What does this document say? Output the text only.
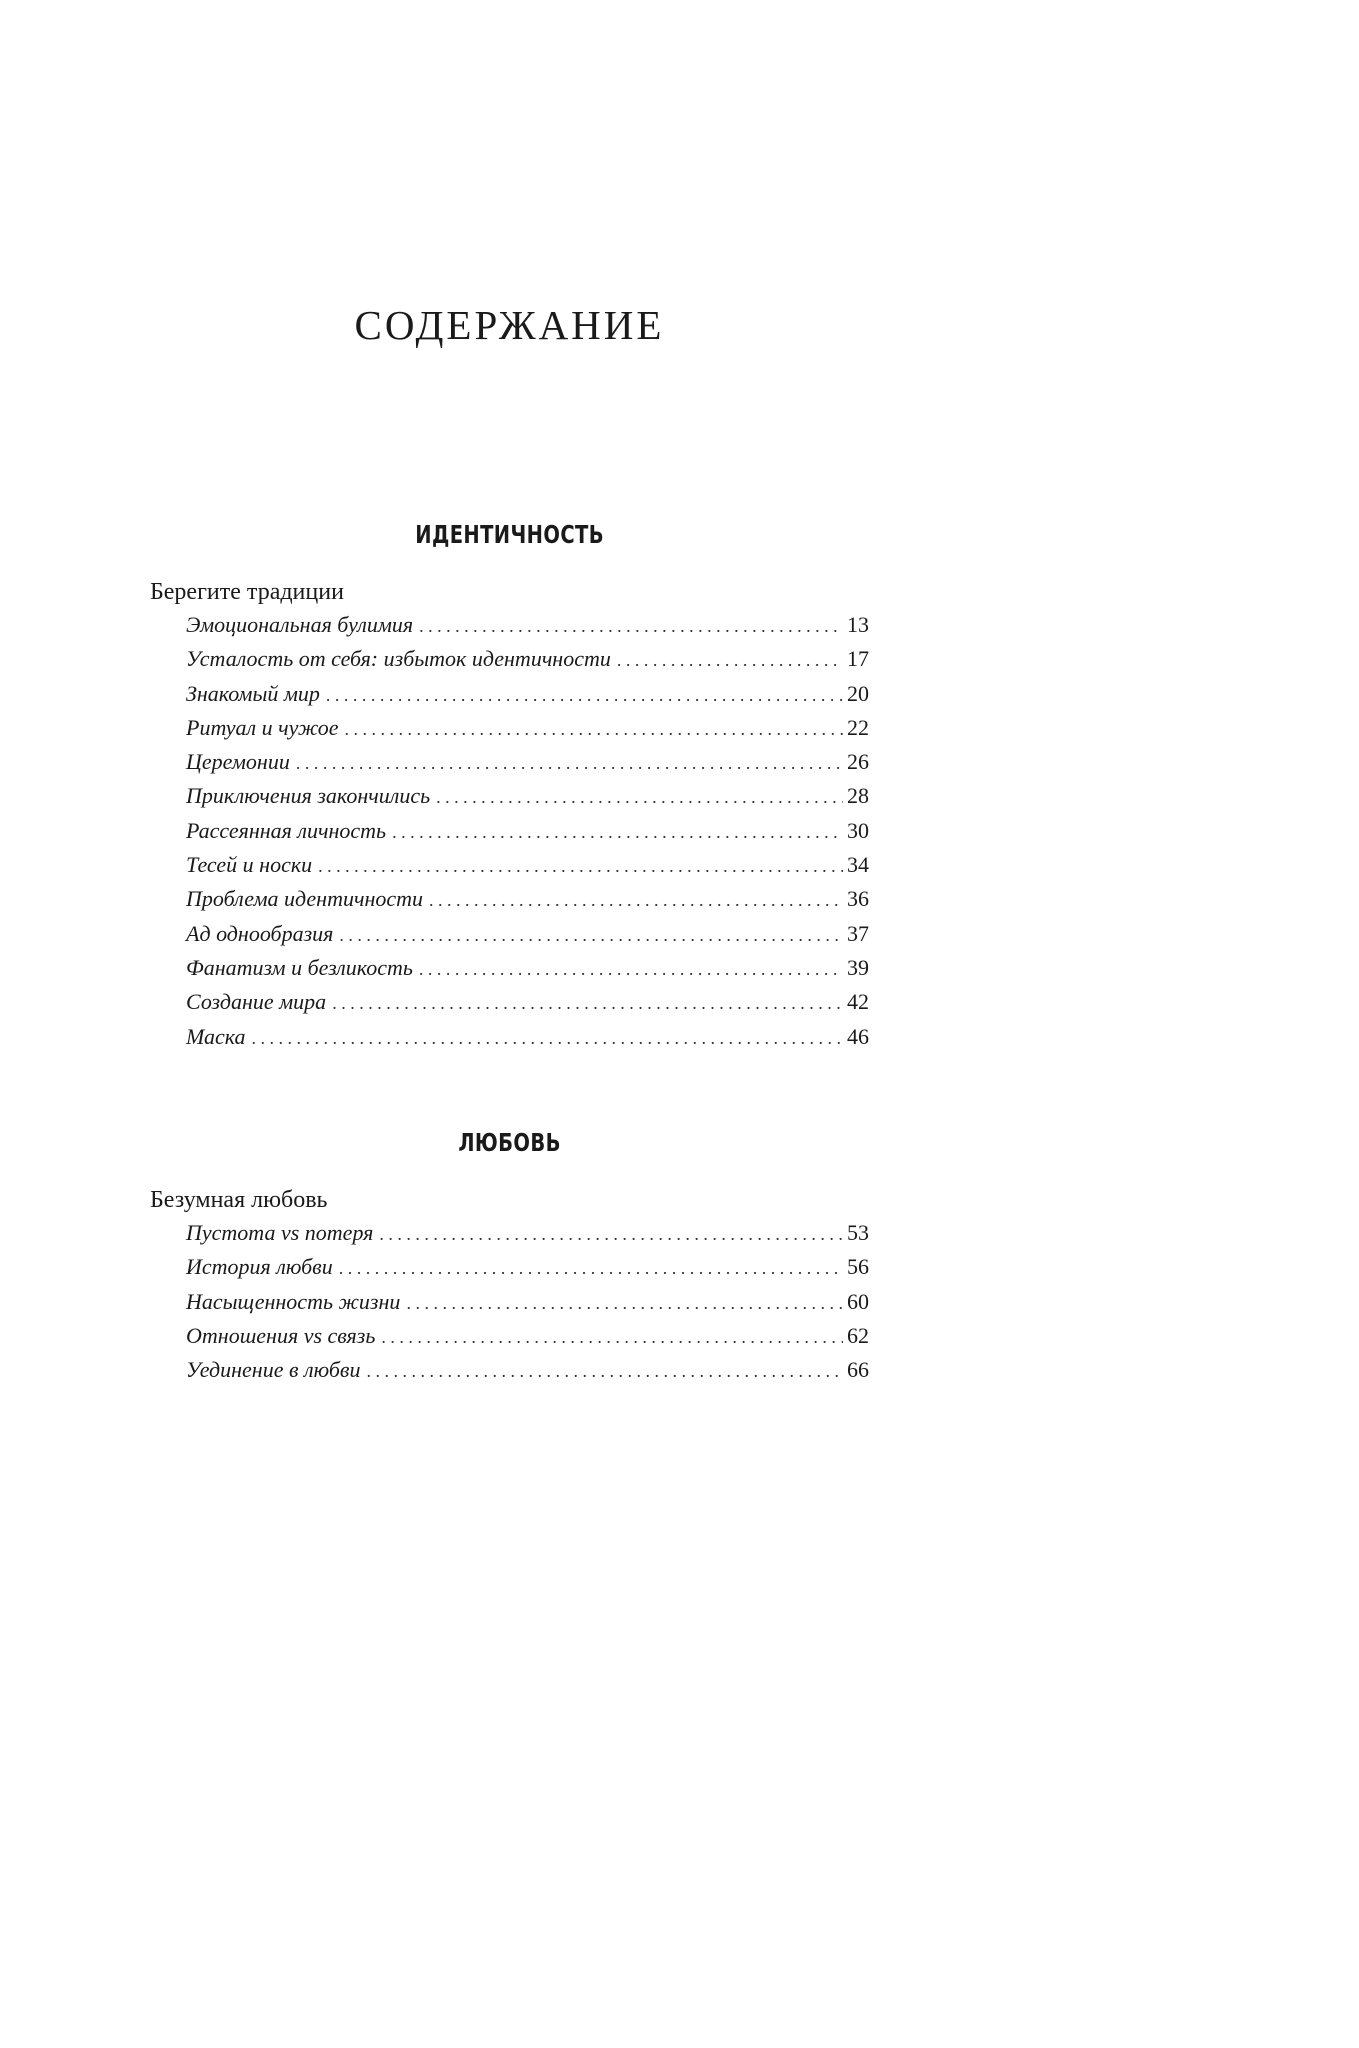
СОДЕРЖАНИЕ
ИДЕНТИЧНОСТЬ
Берегите традиции
Эмоциональная булимия . . .	13
Усталость от себя: избыток идентичности . . .	17
Знакомый мир . . .	20
Ритуал и чужое . . .	22
Церемонии . . .	26
Приключения закончились . . .	28
Рассеянная личность . . .	30
Тесей и носки . . .	34
Проблема идентичности . . .	36
Ад однообразия . . .	37
Фанатизм и безликость . . .	39
Создание мира . . .	42
Маска . . .	46
ЛЮБОВЬ
Безумная любовь
Пустота vs потеря . . .	53
История любви . . .	56
Насыщенность жизни . . .	60
Отношения vs связь . . .	62
Уединение в любви . . .	66
